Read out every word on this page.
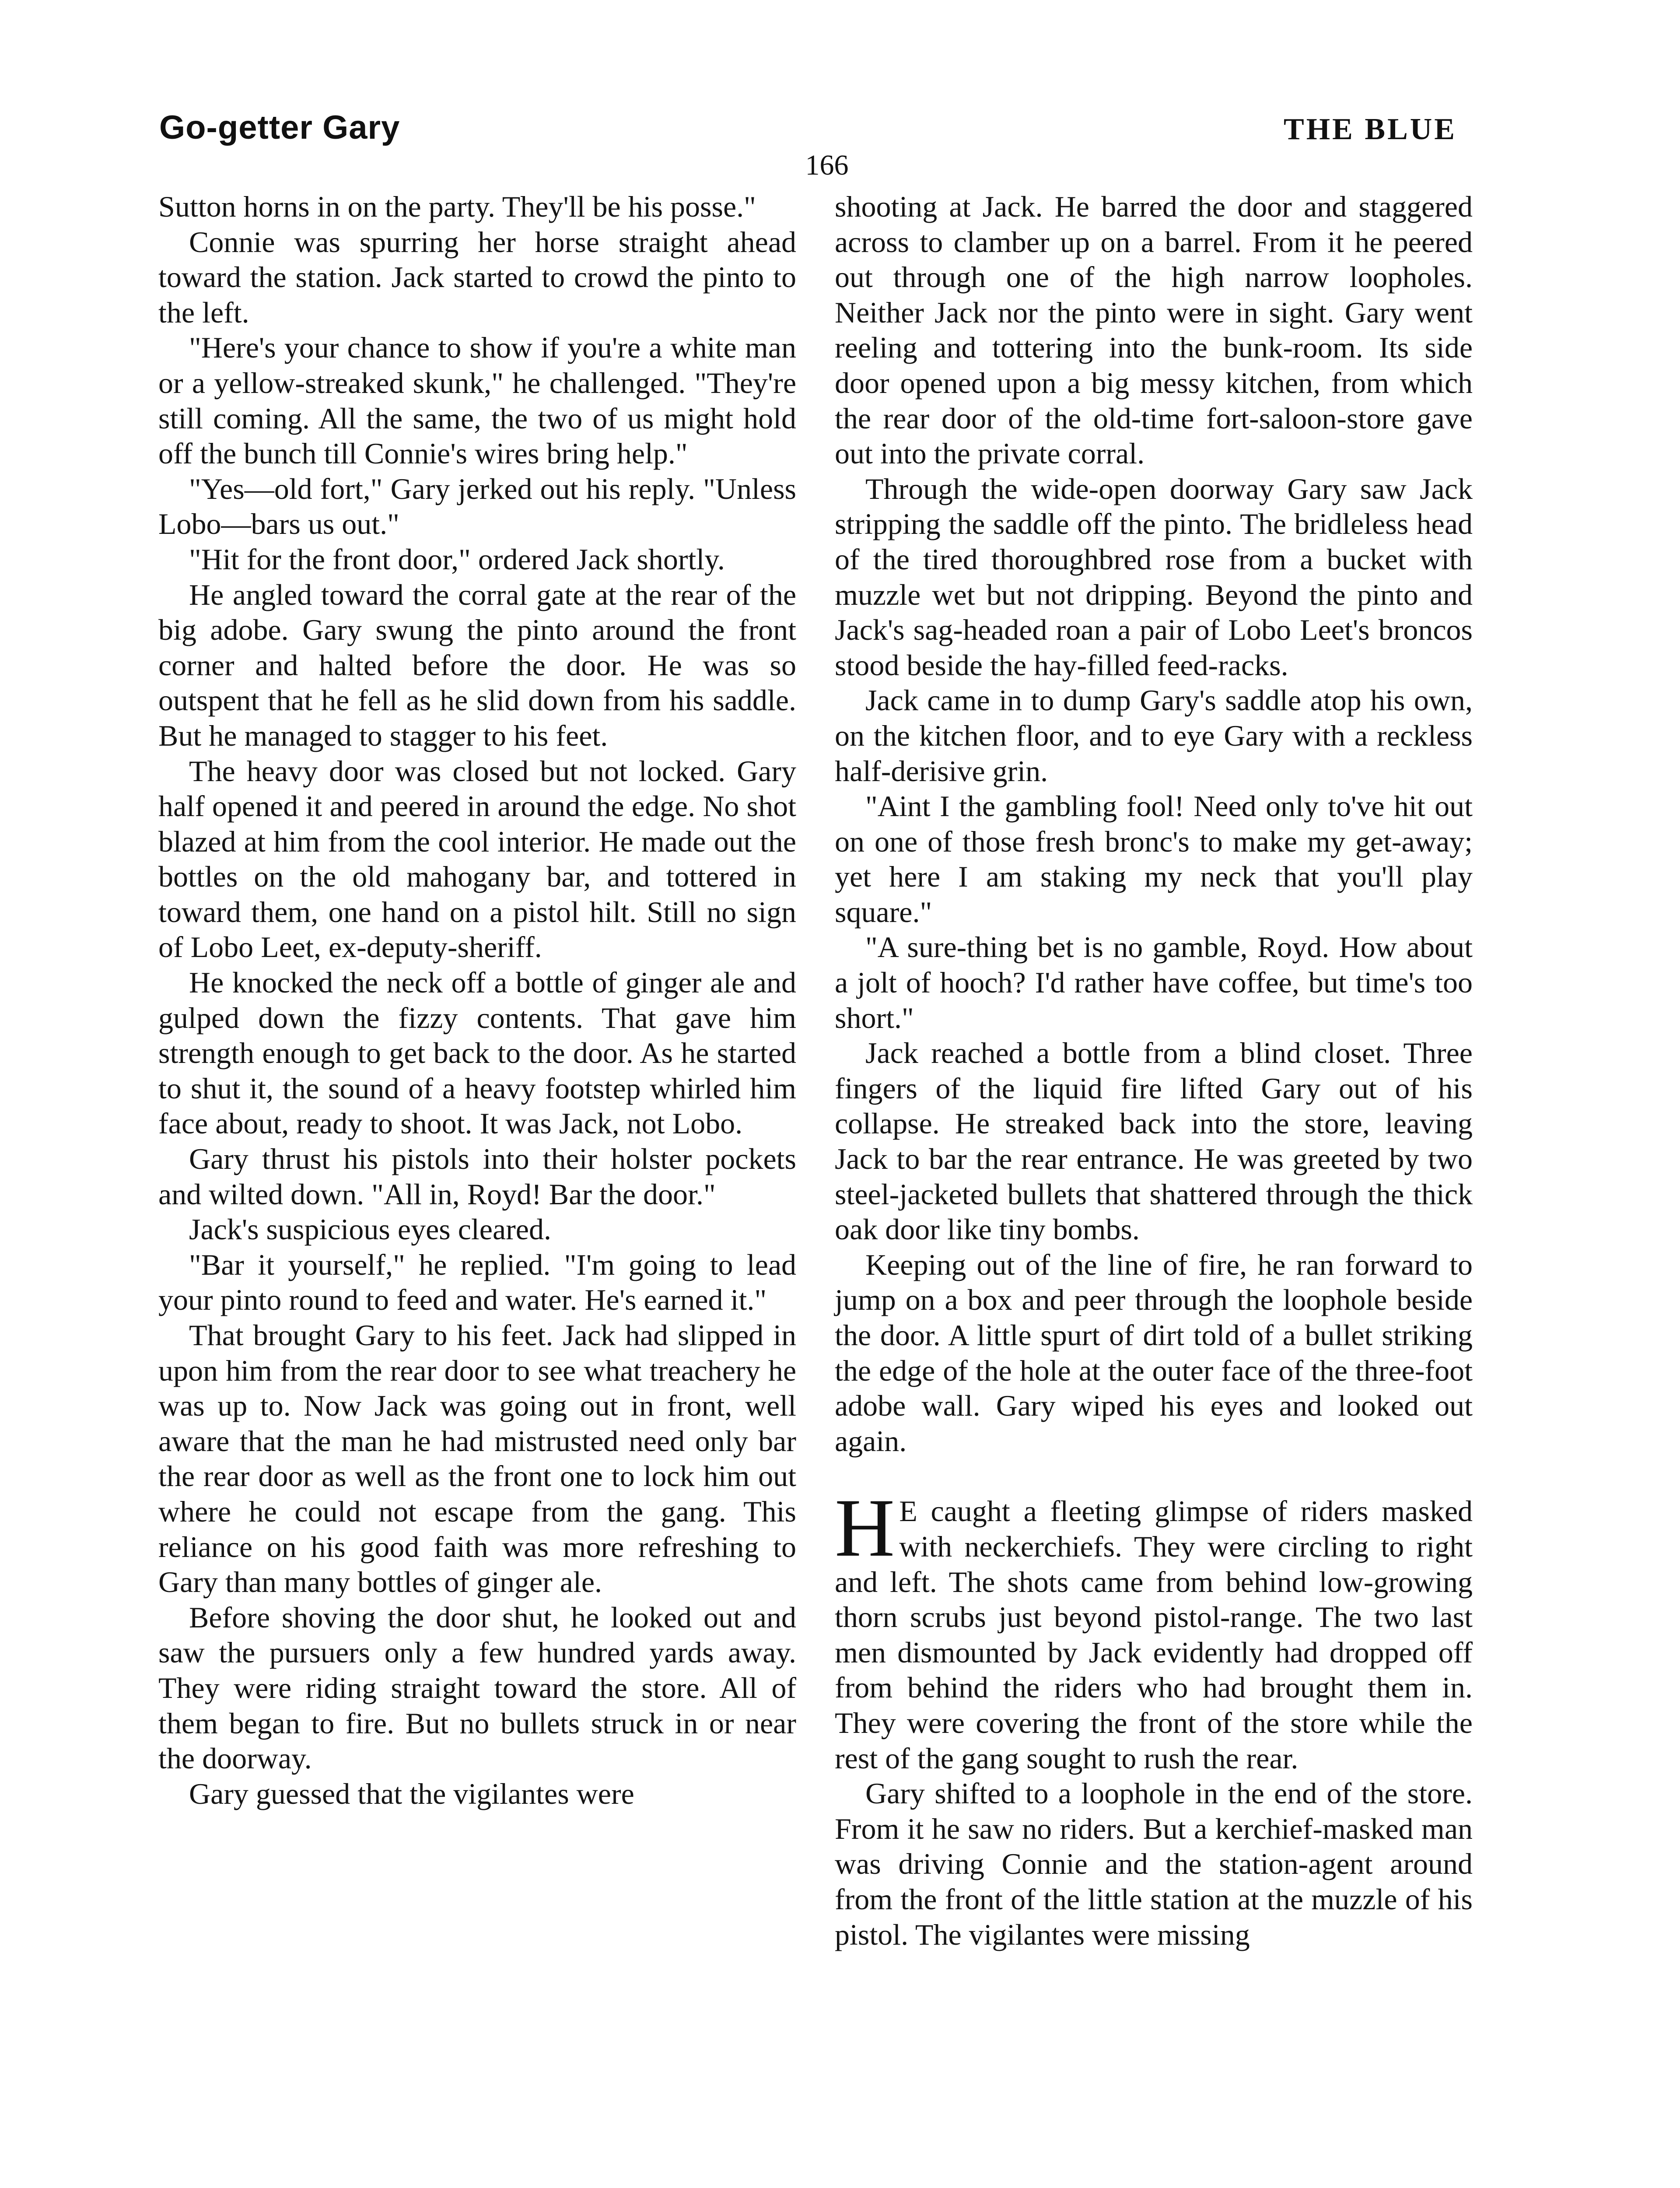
Go-getter Gary	THE BLUE
166

Sutton horns in on the party. They'll be his posse."

Connie was spurring her horse straight ahead toward the station. Jack started to crowd the pinto to the left.

"Here's your chance to show if you're a white man or a yellow-streaked skunk," he challenged. "They're still coming. All the same, the two of us might hold off the bunch till Connie's wires bring help."

"Yes—old fort," Gary jerked out his reply. "Unless Lobo—bars us out."

"Hit for the front door," ordered Jack shortly.

He angled toward the corral gate at the rear of the big adobe. Gary swung the pinto around the front corner and halted before the door. He was so outspent that he fell as he slid down from his saddle. But he managed to stagger to his feet.

The heavy door was closed but not locked. Gary half opened it and peered in around the edge. No shot blazed at him from the cool interior. He made out the bottles on the old mahogany bar, and tottered in toward them, one hand on a pistol hilt. Still no sign of Lobo Leet, ex-deputy-sheriff.

He knocked the neck off a bottle of ginger ale and gulped down the fizzy contents. That gave him strength enough to get back to the door. As he started to shut it, the sound of a heavy footstep whirled him face about, ready to shoot. It was Jack, not Lobo.

Gary thrust his pistols into their holster pockets and wilted down. "All in, Royd! Bar the door."

Jack's suspicious eyes cleared.

"Bar it yourself," he replied. "I'm going to lead your pinto round to feed and water. He's earned it."

That brought Gary to his feet. Jack had slipped in upon him from the rear door to see what treachery he was up to. Now Jack was going out in front, well aware that the man he had mistrusted need only bar the rear door as well as the front one to lock him out where he could not escape from the gang. This reliance on his good faith was more refreshing to Gary than many bottles of ginger ale.

Before shoving the door shut, he looked out and saw the pursuers only a few hundred yards away. They were riding straight toward the store. All of them began to fire. But no bullets struck in or near the doorway.

Gary guessed that the vigilantes were

shooting at Jack. He barred the door and staggered across to clamber up on a barrel. From it he peered out through one of the high narrow loopholes. Neither Jack nor the pinto were in sight. Gary went reeling and tottering into the bunk-room. Its side door opened upon a big messy kitchen, from which the rear door of the old-time fort-saloon-store gave out into the private corral.

Through the wide-open doorway Gary saw Jack stripping the saddle off the pinto. The bridleless head of the tired thoroughbred rose from a bucket with muzzle wet but not dripping. Beyond the pinto and Jack's sag-headed roan a pair of Lobo Leet's broncos stood beside the hay-filled feed-racks.

Jack came in to dump Gary's saddle atop his own, on the kitchen floor, and to eye Gary with a reckless half-derisive grin.

"Aint I the gambling fool! Need only to've hit out on one of those fresh bronc's to make my get-away; yet here I am staking my neck that you'll play square."

"A sure-thing bet is no gamble, Royd. How about a jolt of hooch? I'd rather have coffee, but time's too short."

Jack reached a bottle from a blind closet. Three fingers of the liquid fire lifted Gary out of his collapse. He streaked back into the store, leaving Jack to bar the rear entrance. He was greeted by two steel-jacketed bullets that shattered through the thick oak door like tiny bombs.

Keeping out of the line of fire, he ran forward to jump on a box and peer through the loophole beside the door. A little spurt of dirt told of a bullet striking the edge of the hole at the outer face of the three-foot adobe wall. Gary wiped his eyes and looked out again.

H E caught a fleeting glimpse of riders masked with neckerchiefs. They were circling to right and left. The shots came from behind low-growing thorn scrubs just beyond pistol-range. The two last men dismounted by Jack evidently had dropped off from behind the riders who had brought them in. They were covering the front of the store while the rest of the gang sought to rush the rear.

Gary shifted to a loophole in the end of the store. From it he saw no riders. But a kerchief-masked man was driving Connie and the station-agent around from the front of the little station at the muzzle of his pistol. The vigilantes were missing
